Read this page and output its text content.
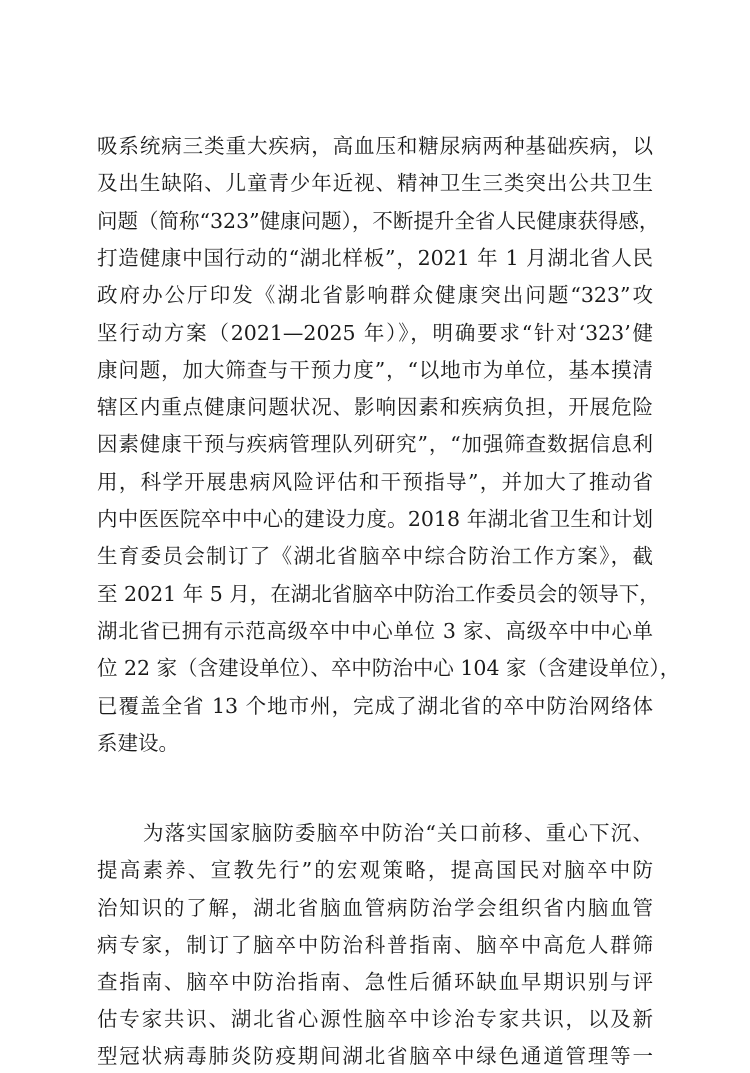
吸系统病三类重大疾病，高血压和糖尿病两种基础疾病，以
及出生缺陷、儿童青少年近视、精神卫生三类突出公共卫生
问题（简称“323”健康问题），不断提升全省人民健康获得感，
打造健康中国行动的“湖北样板”，2021 年 1 月湖北省人民
政府办公厅印发《湖北省影响群众健康突出问题“323”攻
坚行动方案（2021—2025 年）》，明确要求“针对‘323’健
康问题，加大筛查与干预力度”，“以地市为单位，基本摸清
辖区内重点健康问题状况、影响因素和疾病负担，开展危险
因素健康干预与疾病管理队列研究”，“加强筛查数据信息利
用，科学开展患病风险评估和干预指导”，并加大了推动省
内中医医院卒中中心的建设力度。2018 年湖北省卫生和计划
生育委员会制订了《湖北省脑卒中综合防治工作方案》，截
至 2021 年 5 月，在湖北省脑卒中防治工作委员会的领导下，
湖北省已拥有示范高级卒中中心单位 3 家、高级卒中中心单
位 22 家（含建设单位）、卒中防治中心 104 家（含建设单位），
已覆盖全省 13 个地市州，完成了湖北省的卒中防治网络体
系建设。
为落实国家脑防委脑卒中防治“关口前移、重心下沉、
提高素养、宣教先行”的宏观策略，提高国民对脑卒中防
治知识的了解，湖北省脑血管病防治学会组织省内脑血管
病专家，制订了脑卒中防治科普指南、脑卒中高危人群筛
查指南、脑卒中防治指南、急性后循环缺血早期识别与评
估专家共识、湖北省心源性脑卒中诊治专家共识，以及新
型冠状病毒肺炎防疫期间湖北省脑卒中绿色通道管理等一
